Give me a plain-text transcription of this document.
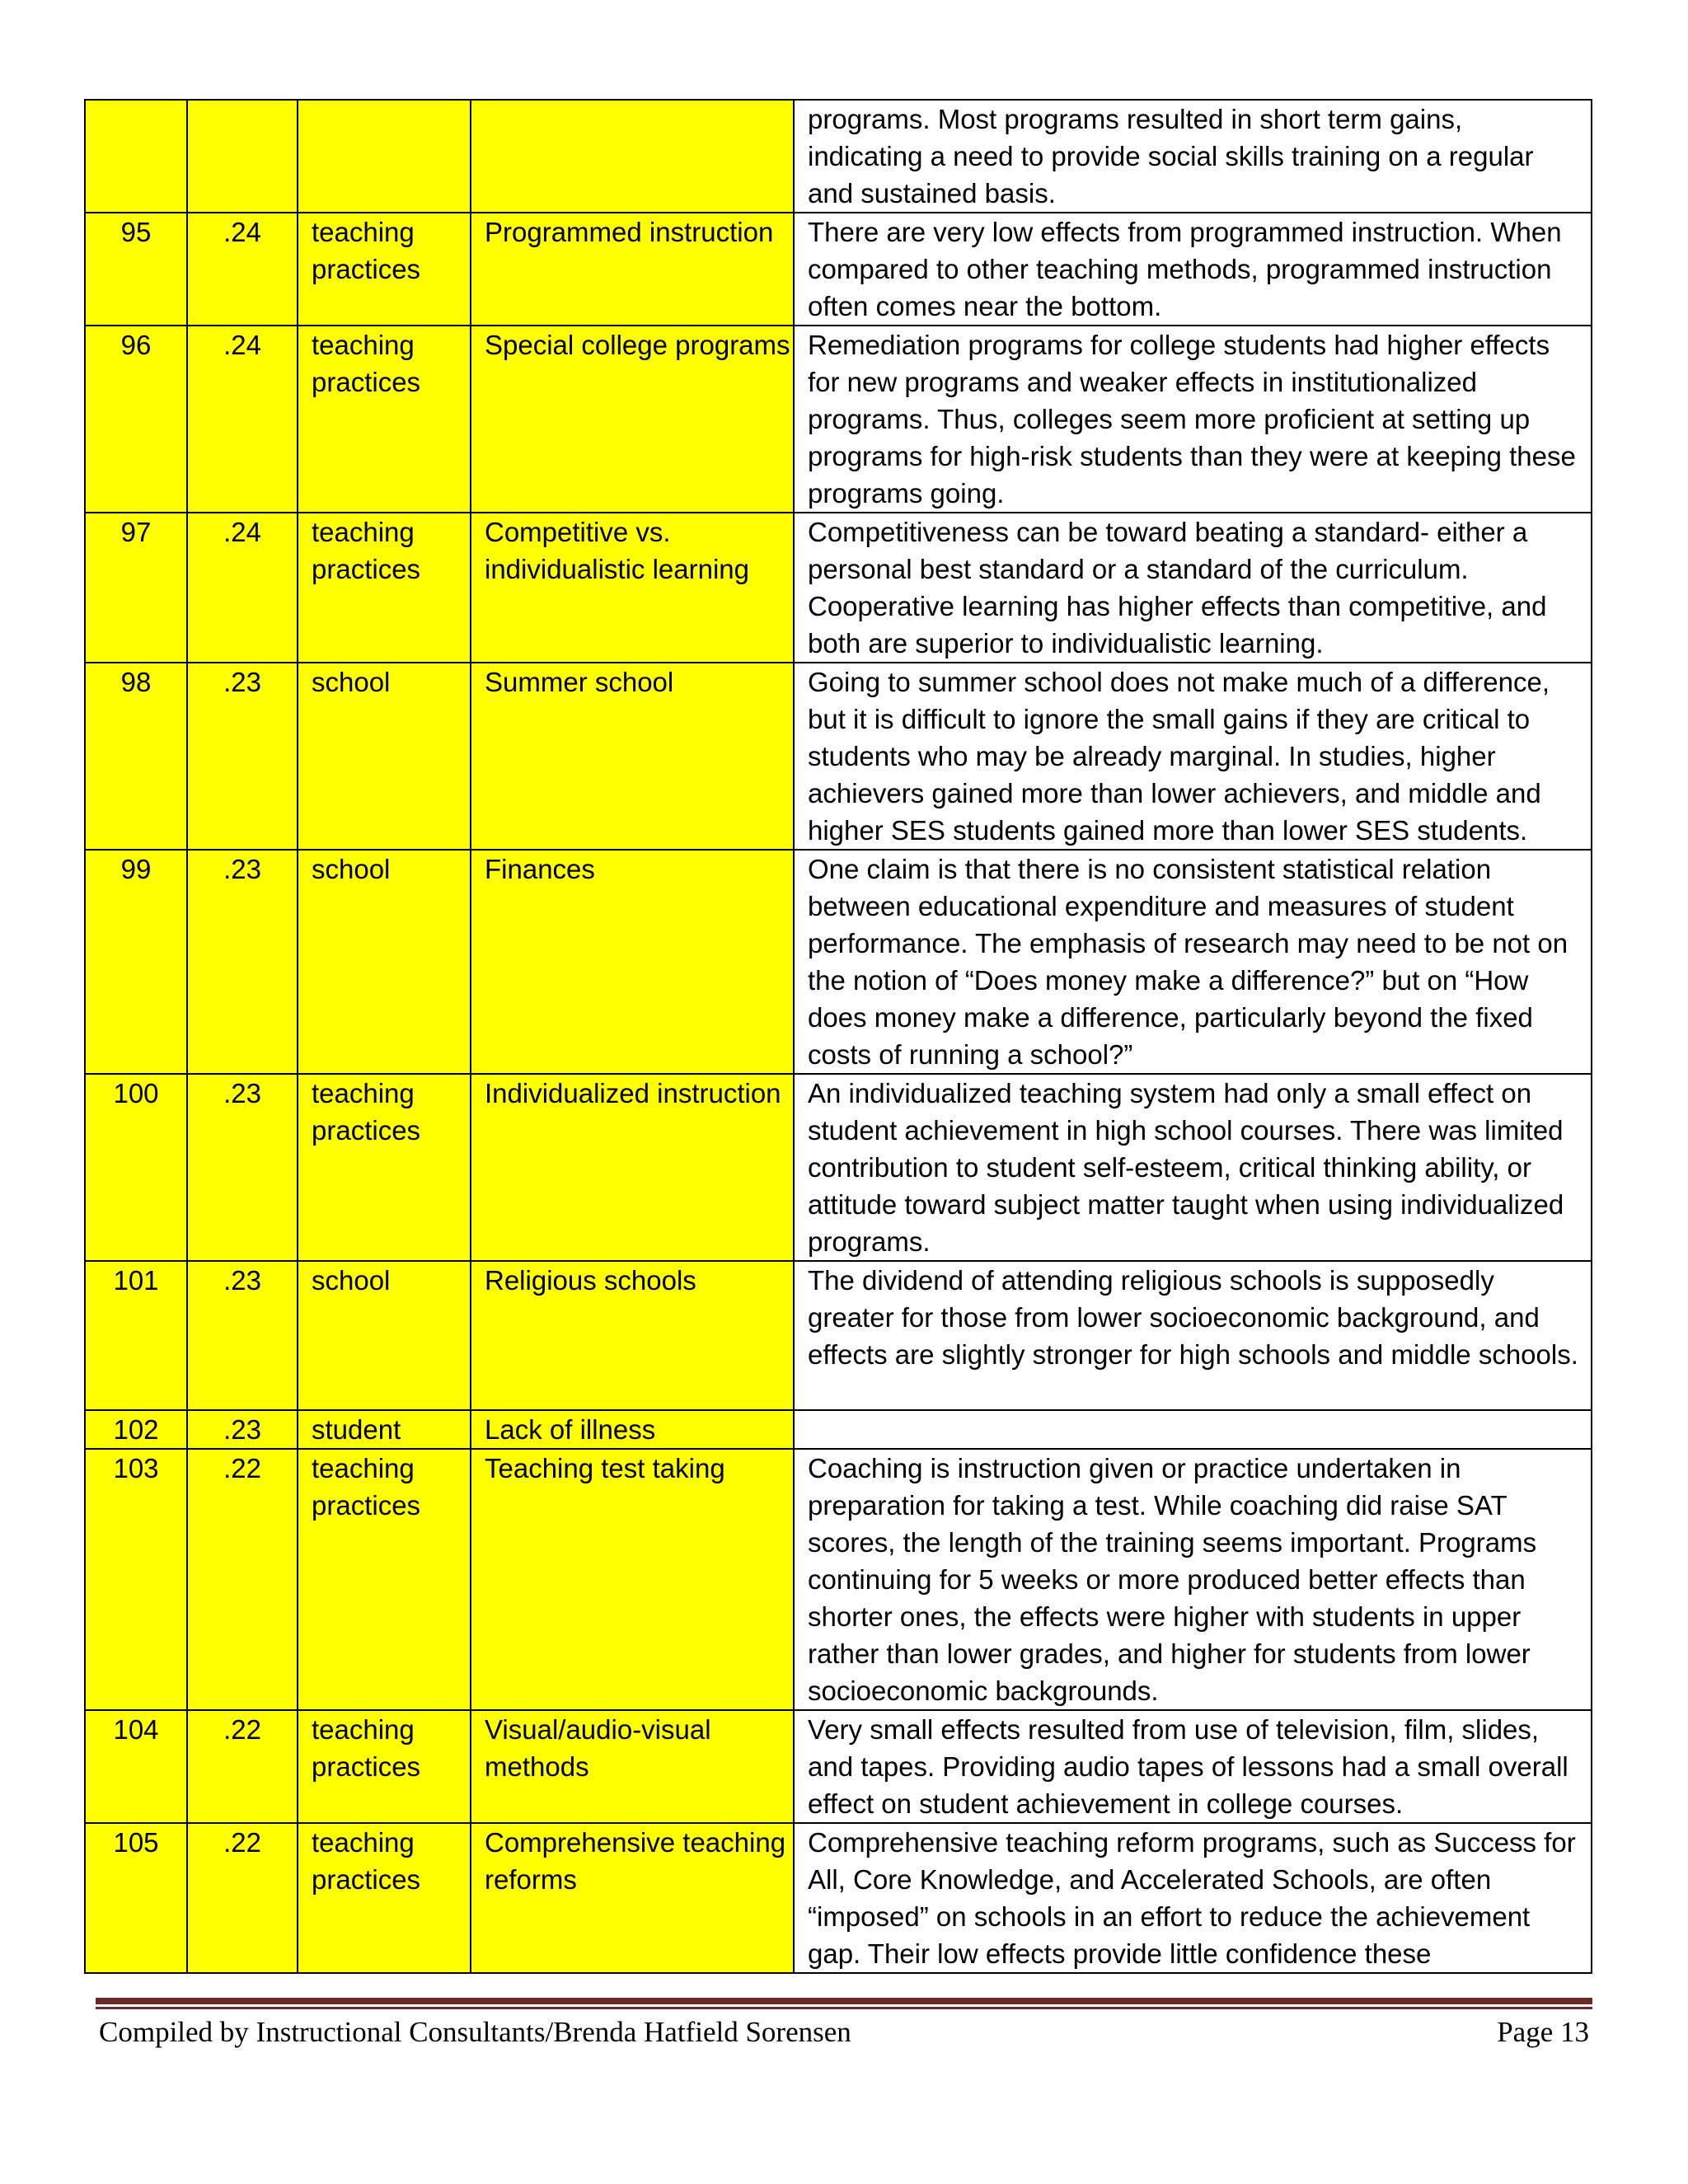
				programs. Most programs resulted in short term gains, indicating a need to provide social skills training on a regular and sustained basis.
95	.24	teaching practices	Programmed instruction	There are very low effects from programmed instruction. When compared to other teaching methods, programmed instruction often comes near the bottom.
96	.24	teaching practices	Special college programs	Remediation programs for college students had higher effects for new programs and weaker effects in institutionalized programs. Thus, colleges seem more proficient at setting up programs for high-risk students than they were at keeping these programs going.
97	.24	teaching practices	Competitive vs. individualistic learning	Competitiveness can be toward beating a standard- either a personal best standard or a standard of the curriculum. Cooperative learning has higher effects than competitive, and both are superior to individualistic learning.
98	.23	school	Summer school	Going to summer school does not make much of a difference, but it is difficult to ignore the small gains if they are critical to students who may be already marginal. In studies, higher achievers gained more than lower achievers, and middle and higher SES students gained more than lower SES students.
99	.23	school	Finances	One claim is that there is no consistent statistical relation between educational expenditure and measures of student performance. The emphasis of research may need to be not on the notion of “Does money make a difference?” but on “How does money make a difference, particularly beyond the fixed costs of running a school?”
100	.23	teaching practices	Individualized instruction	An individualized teaching system had only a small effect on student achievement in high school courses. There was limited contribution to student self-esteem, critical thinking ability, or attitude toward subject matter taught when using individualized programs.
101	.23	school	Religious schools	The dividend of attending religious schools is supposedly greater for those from lower socioeconomic background, and effects are slightly stronger for high schools and middle schools.
102	.23	student	Lack of illness	
103	.22	teaching practices	Teaching test taking	Coaching is instruction given or practice undertaken in preparation for taking a test. While coaching did raise SAT scores, the length of the training seems important. Programs continuing for 5 weeks or more produced better effects than shorter ones, the effects were higher with students in upper rather than lower grades, and higher for students from lower socioeconomic backgrounds.
104	.22	teaching practices	Visual/audio-visual methods	Very small effects resulted from use of television, film, slides, and tapes. Providing audio tapes of lessons had a small overall effect on student achievement in college courses.
105	.22	teaching practices	Comprehensive teaching reforms	Comprehensive teaching reform programs, such as Success for All, Core Knowledge, and Accelerated Schools, are often “imposed” on schools in an effort to reduce the achievement gap. Their low effects provide little confidence these
Compiled by Instructional Consultants/Brenda Hatfield Sorensen	Page 13
